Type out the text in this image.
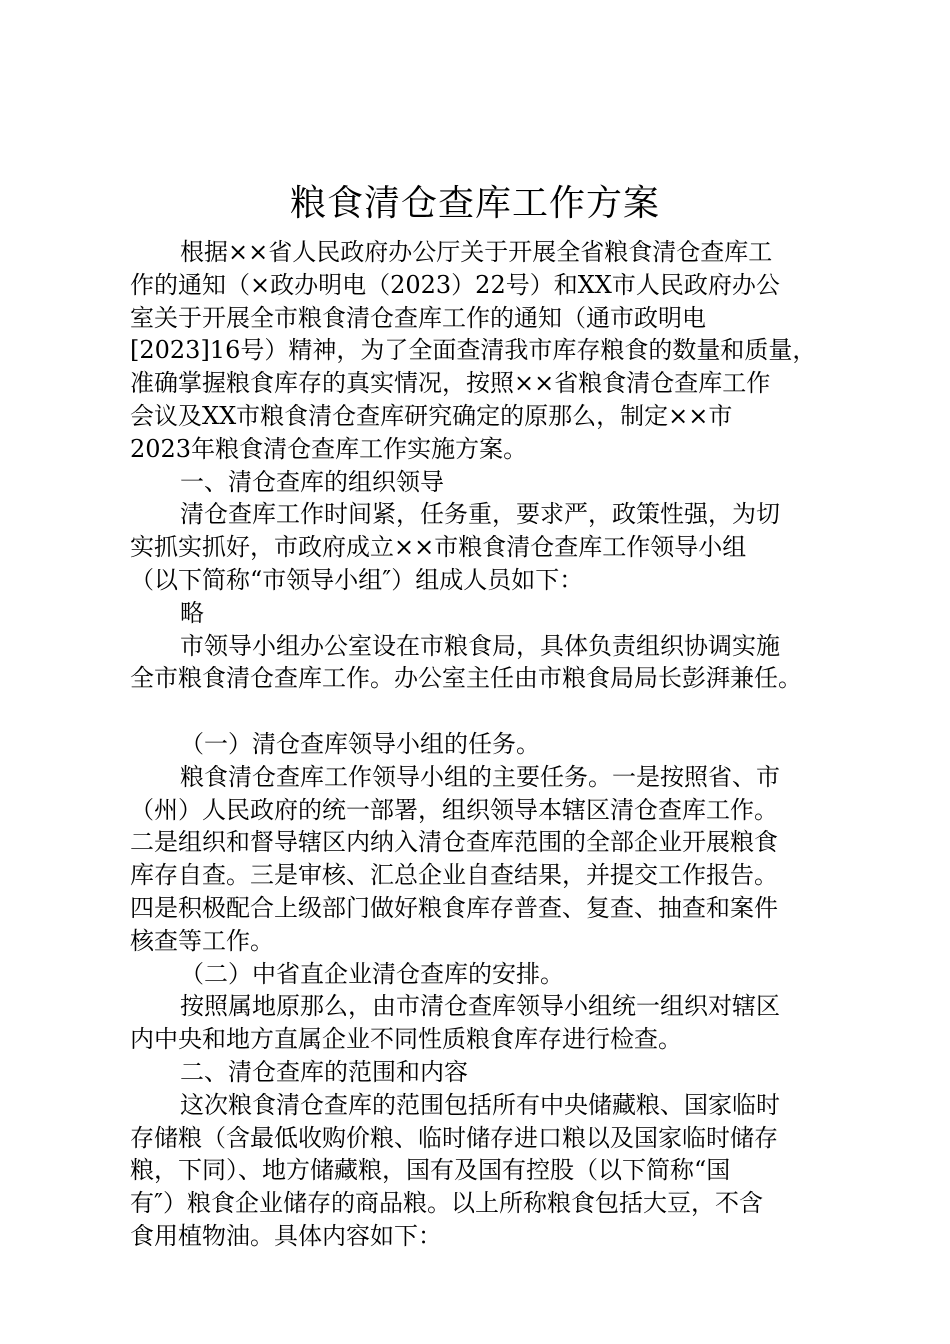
粮食清仓查库工作方案
根据××省人民政府办公厅关于开展全省粮食清仓查库工
作的通知（×政办明电（2023）22号）和XX市人民政府办公
室关于开展全市粮食清仓查库工作的通知（通市政明电
[2023]16号）精神，为了全面查清我市库存粮食的数量和质量，
准确掌握粮食库存的真实情况，按照××省粮食清仓查库工作
会议及XX市粮食清仓查库研究确定的原那么，制定××市
2023年粮食清仓查库工作实施方案。
一、清仓查库的组织领导
清仓查库工作时间紧，任务重，要求严，政策性强，为切
实抓实抓好，市政府成立××市粮食清仓查库工作领导小组
（以下简称“市领导小组″）组成人员如下：
略
市领导小组办公室设在市粮食局，具体负责组织协调实施
全市粮食清仓查库工作。办公室主任由市粮食局局长彭湃兼任。
（一）清仓查库领导小组的任务。
粮食清仓查库工作领导小组的主要任务。一是按照省、市
（州）人民政府的统一部署，组织领导本辖区清仓查库工作。
二是组织和督导辖区内纳入清仓查库范围的全部企业开展粮食
库存自查。三是审核、汇总企业自查结果，并提交工作报告。
四是积极配合上级部门做好粮食库存普查、复查、抽查和案件
核查等工作。
（二）中省直企业清仓查库的安排。
按照属地原那么，由市清仓查库领导小组统一组织对辖区
内中央和地方直属企业不同性质粮食库存进行检查。
二、清仓查库的范围和内容
这次粮食清仓查库的范围包括所有中央储藏粮、国家临时
存储粮（含最低收购价粮、临时储存进口粮以及国家临时储存
粮，下同）、地方储藏粮，国有及国有控股（以下简称“国
有″）粮食企业储存的商品粮。以上所称粮食包括大豆，不含
食用植物油。具体内容如下：
